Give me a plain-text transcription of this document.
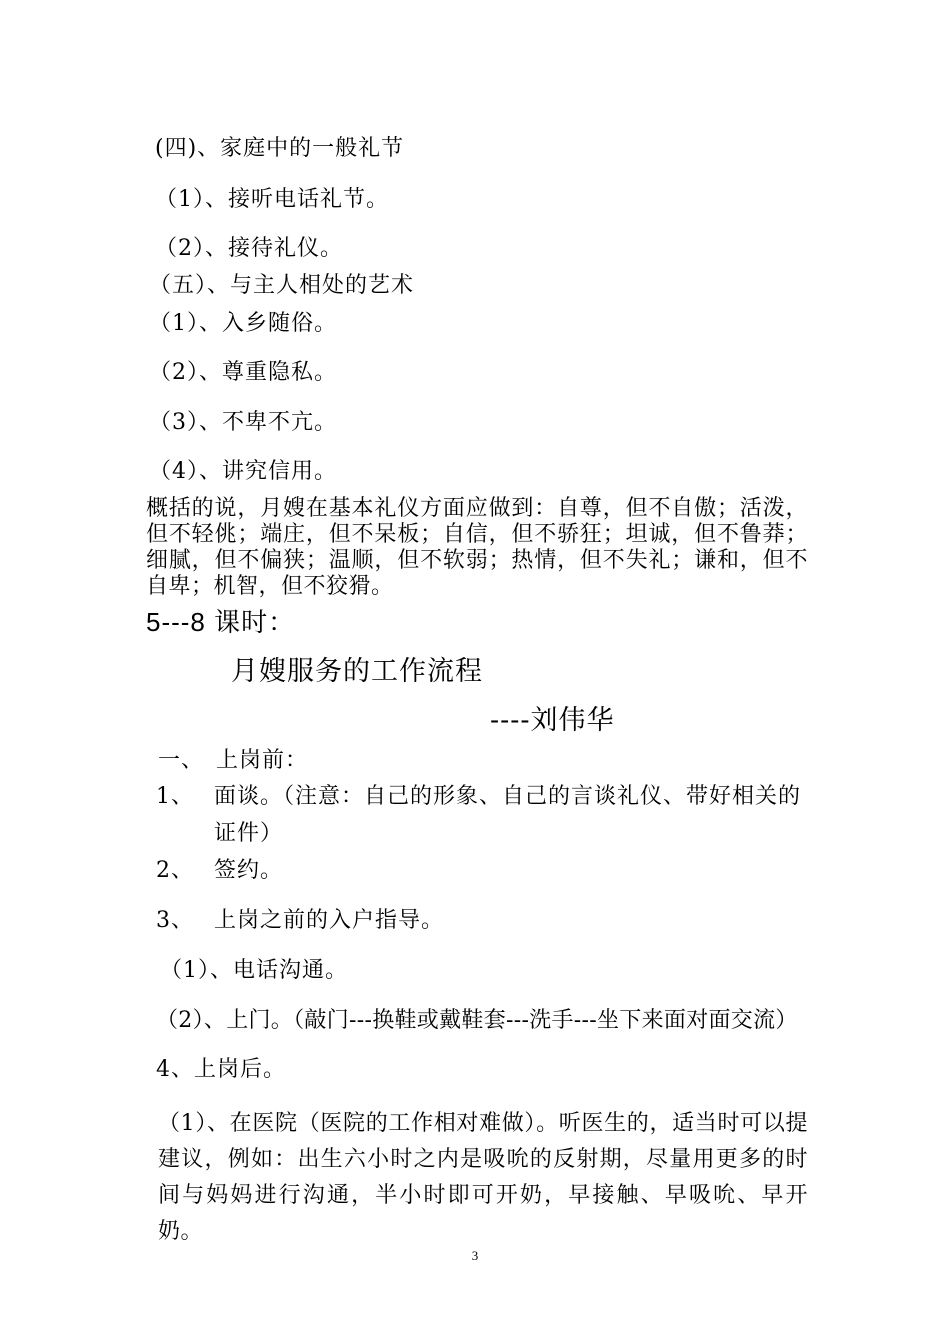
(四)、家庭中的一般礼节
（1）、接听电话礼节。
（2）、接待礼仪。
（五）、与主人相处的艺术
（1）、入乡随俗。
（2）、尊重隐私。
（3）、不卑不亢。
（4）、讲究信用。
概括的说，月嫂在基本礼仪方面应做到：自尊，但不自傲；活泼，但不轻佻；端庄，但不呆板；自信，但不骄狂；坦诚，但不鲁莽；细腻，但不偏狭；温顺，但不软弱；热情，但不失礼；谦和，但不自卑；机智，但不狡猾。
5---8 课时：
月嫂服务的工作流程
----刘伟华
一、 上岗前：
1、 面谈。（注意：自己的形象、自己的言谈礼仪、带好相关的
证件）
2、 签约。
3、 上岗之前的入户指导。
（1）、电话沟通。
（2）、上门。（敲门---换鞋或戴鞋套---洗手---坐下来面对面交流）
4、上岗后。
（1）、在医院（医院的工作相对难做）。听医生的，适当时可以提建议，例如：出生六小时之内是吸吮的反射期，尽量用更多的时间与妈妈进行沟通，半小时即可开奶，早接触、早吸吮、早开奶。
3
